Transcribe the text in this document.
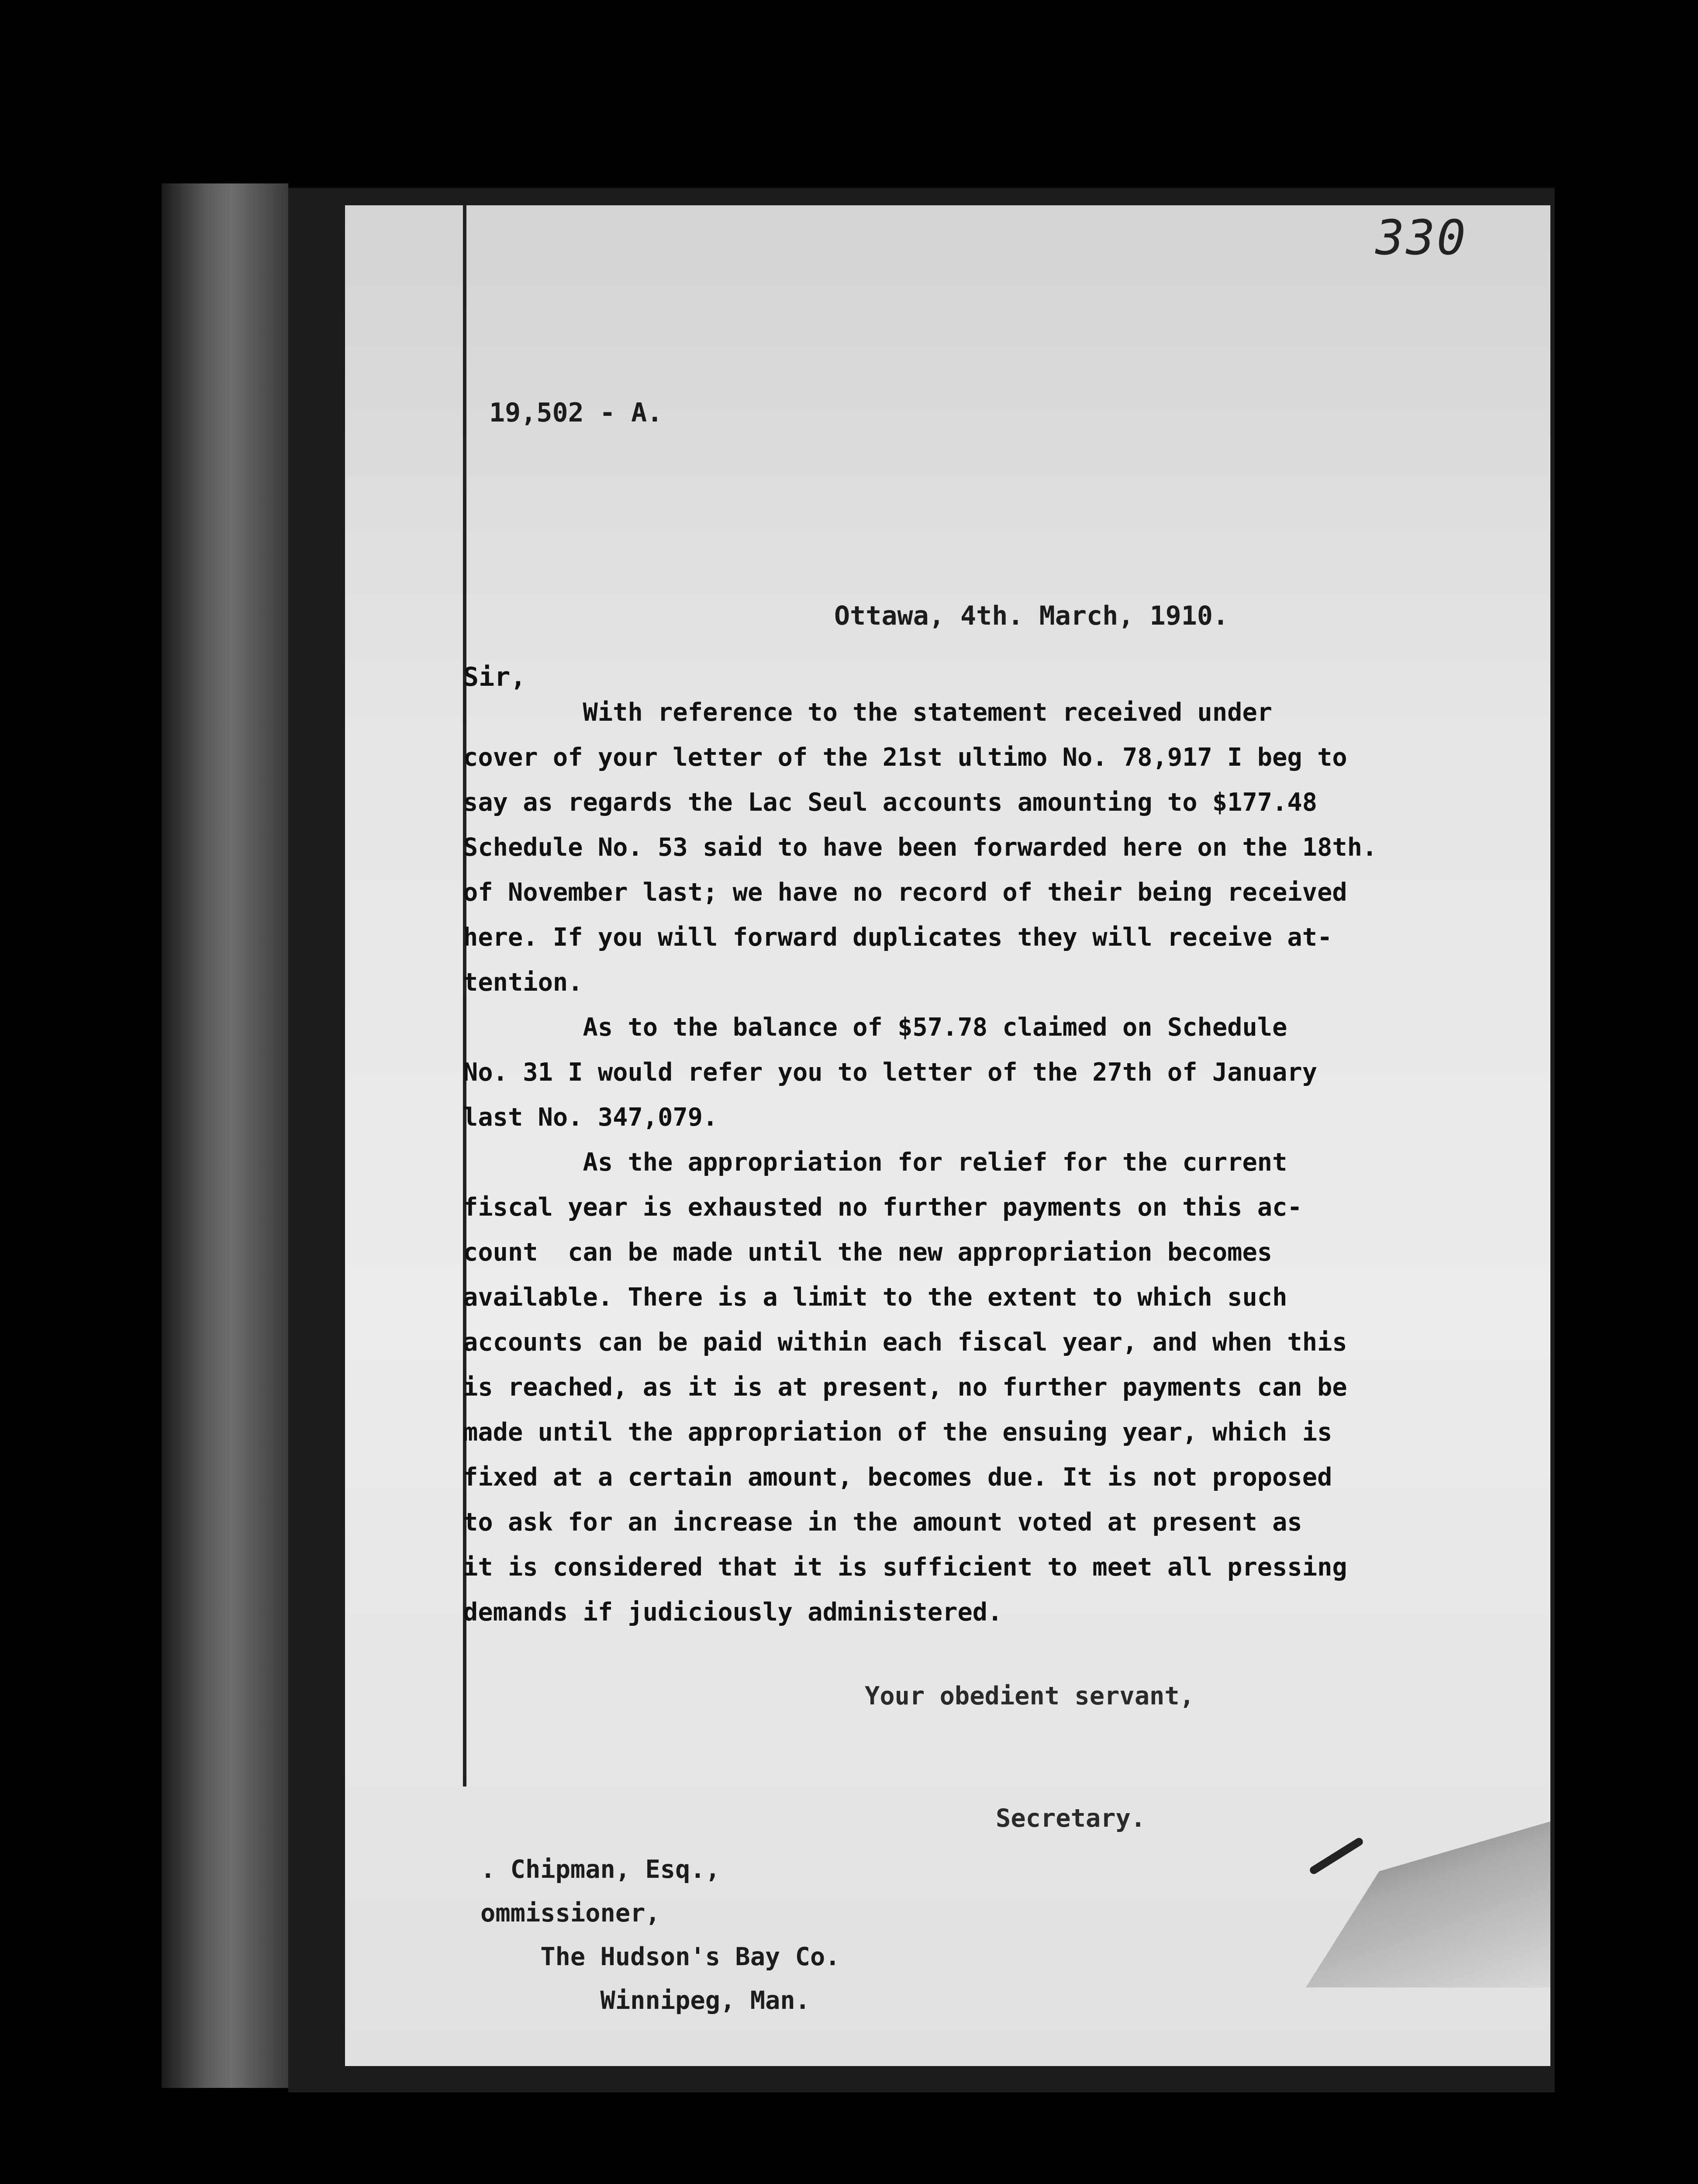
330
19,502 - A.
Ottawa, 4th. March, 1910.
Sir,
With reference to the statement received under
cover of your letter of the 21st ultimo No. 78,917 I beg to
say as regards the Lac Seul accounts amounting to $177.48
Schedule No. 53 said to have been forwarded here on the 18th.
of November last; we have no record of their being received
here. If you will forward duplicates they will receive at-
tention.
As to the balance of $57.78 claimed on Schedule
No. 31 I would refer you to letter of the 27th of January
last No. 347,079.
As the appropriation for relief for the current
fiscal year is exhausted no further payments on this ac-
count  can be made until the new appropriation becomes
available. There is a limit to the extent to which such
accounts can be paid within each fiscal year, and when this
is reached, as it is at present, no further payments can be
made until the appropriation of the ensuing year, which is
fixed at a certain amount, becomes due. It is not proposed
to ask for an increase in the amount voted at present as
it is considered that it is sufficient to meet all pressing
demands if judiciously administered.
Your obedient servant,
Secretary.
. Chipman, Esq.,
ommissioner,
The Hudson's Bay Co.
Winnipeg, Man.
